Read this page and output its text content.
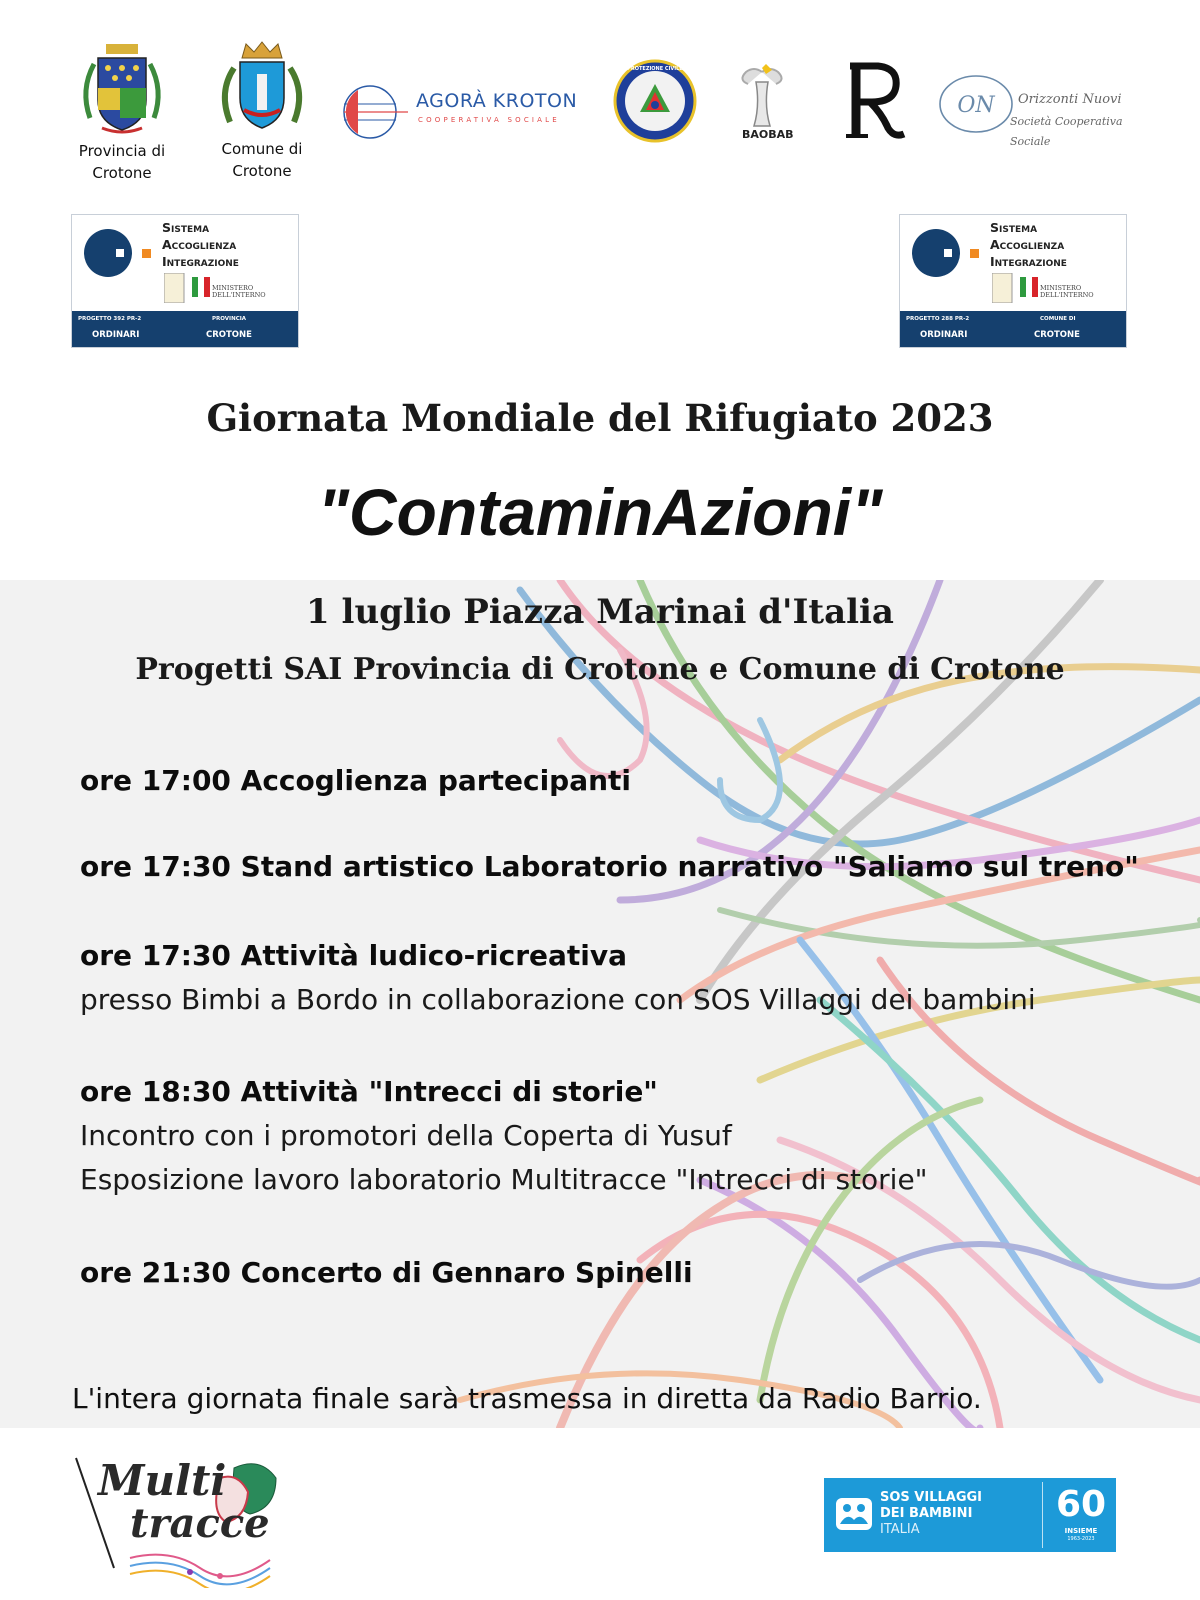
Provincia di
Crotone
Comune di
Crotone
AGORÀ KROTON
COOPERATIVA SOCIALE
PROTEZIONE CIVILE
BAOBAB
ON Orizzonti Nuovi
Società Cooperativa Sociale
Sistema
Accoglienza
Integrazione
MINISTERO DELL'INTERNO
PROGETTO 392 PR-2	PROVINCIA
ORDINARI	CROTONE
Sistema
Accoglienza
Integrazione
MINISTERO DELL'INTERNO
PROGETTO 288 PR-2	COMUNE DI
ORDINARI	CROTONE
Giornata Mondiale del Rifugiato 2023
"ContaminAzioni"
1 luglio Piazza Marinai d'Italia
Progetti SAI Provincia di Crotone e Comune di Crotone
ore 17:00 Accoglienza partecipanti
ore 17:30 Stand artistico Laboratorio narrativo "Saliamo sul treno"
ore 17:30 Attività ludico-ricreativa
presso Bimbi a Bordo in collaborazione con SOS Villaggi dei bambini
ore 18:30 Attività "Intrecci di storie"
Incontro con i promotori della Coperta di Yusuf
Esposizione lavoro laboratorio Multitracce "Intrecci di storie"
ore 21:30 Concerto di Gennaro Spinelli
L'intera giornata finale sarà trasmessa in diretta da Radio Barrio.
Multi
tracce
SOS VILLAGGI
DEI BAMBINI
ITALIA
60
INSIEME
1963-2023
